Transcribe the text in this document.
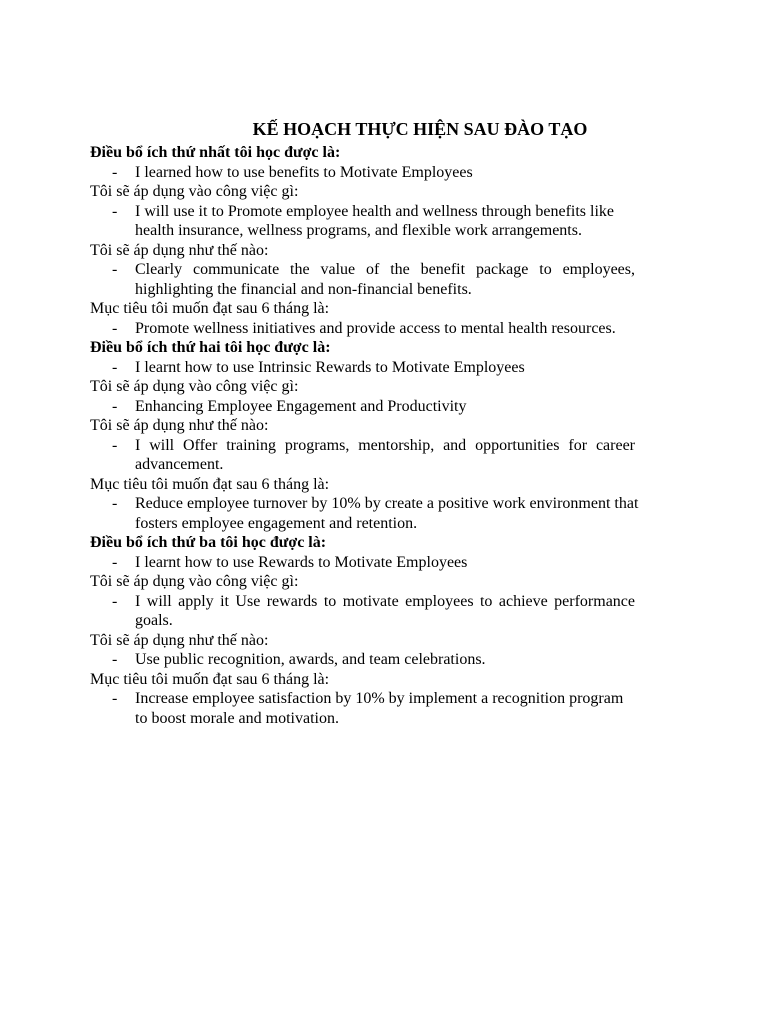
KẾ HOẠCH THỰC HIỆN SAU ĐÀO TẠO

Điều bổ ích thứ nhất tôi học được là:

- I learned how to use benefits to Motivate Employees

Tôi sẽ áp dụng vào công việc gì:

- I will use it to Promote employee health and wellness through benefits like health insurance, wellness programs, and flexible work arrangements.

Tôi sẽ áp dụng như thế nào:

- Clearly communicate the value of the benefit package to employees, highlighting the financial and non-financial benefits.

Mục tiêu tôi muốn đạt sau 6 tháng là:

- Promote wellness initiatives and provide access to mental health resources.

Điều bổ ích thứ hai tôi học được là:

- I learnt how to use Intrinsic Rewards to Motivate Employees

Tôi sẽ áp dụng vào công việc gì:

- Enhancing Employee Engagement and Productivity

Tôi sẽ áp dụng như thế nào:

- I will Offer training programs, mentorship, and opportunities for career advancement.

Mục tiêu tôi muốn đạt sau 6 tháng là:

- Reduce employee turnover by 10% by create a positive work environment that fosters employee engagement and retention.

Điều bổ ích thứ ba tôi học được là:

- I learnt how to use Rewards to Motivate Employees

Tôi sẽ áp dụng vào công việc gì:

- I will apply it Use rewards to motivate employees to achieve performance goals.

Tôi sẽ áp dụng như thế nào:

- Use public recognition, awards, and team celebrations.

Mục tiêu tôi muốn đạt sau 6 tháng là:

- Increase employee satisfaction by 10% by implement a recognition program to boost morale and motivation.
